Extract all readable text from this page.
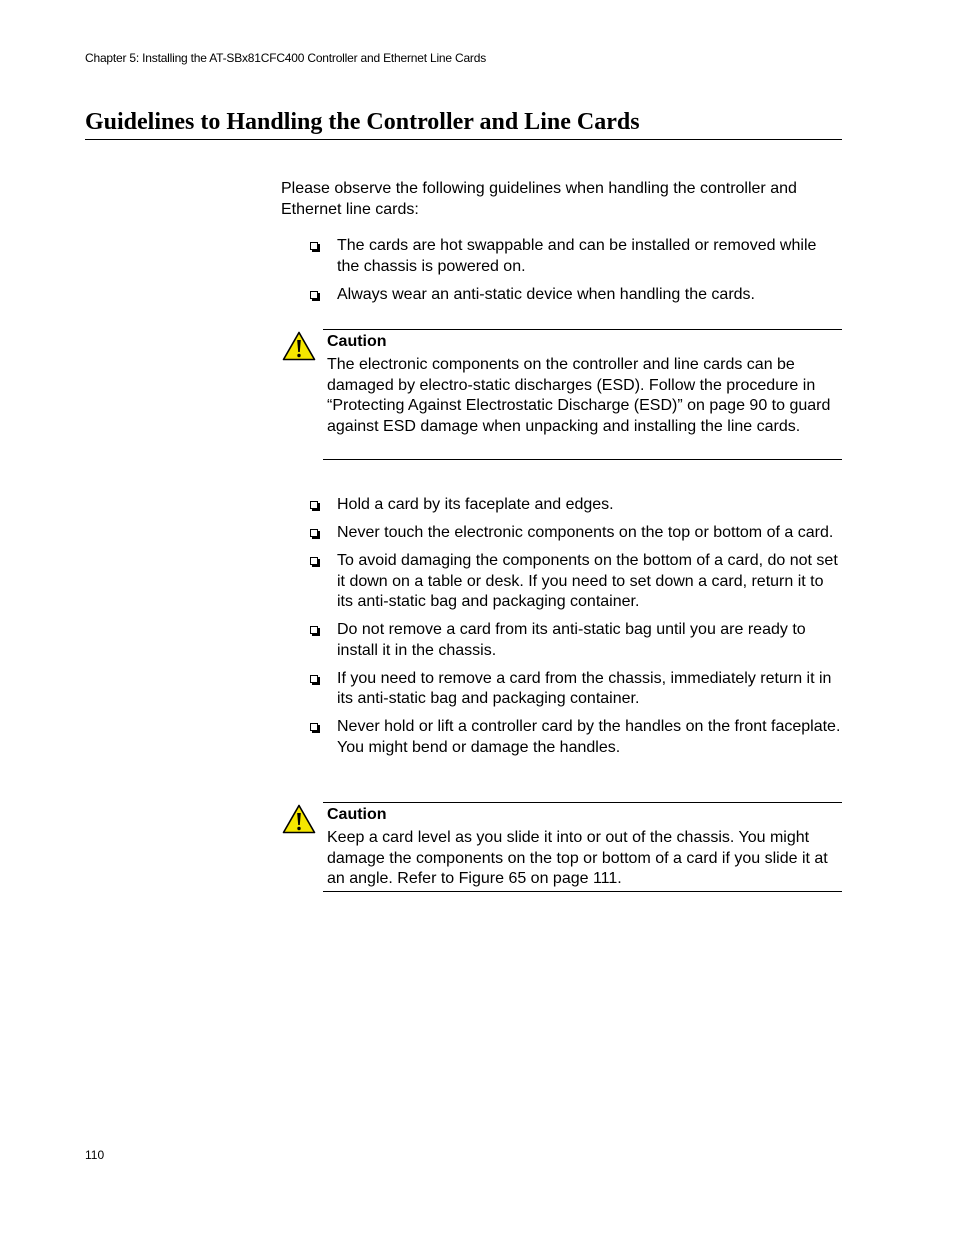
Chapter 5: Installing the AT-SBx81CFC400 Controller and Ethernet Line Cards
Guidelines to Handling the Controller and Line Cards
Please observe the following guidelines when handling the controller and Ethernet line cards:
The cards are hot swappable and can be installed or removed while the chassis is powered on.
Always wear an anti-static device when handling the cards.
Caution
The electronic components on the controller and line cards can be damaged by electro-static discharges (ESD). Follow the procedure in “Protecting Against Electrostatic Discharge (ESD)” on page 90 to guard against ESD damage when unpacking and installing the line cards.
Hold a card by its faceplate and edges.
Never touch the electronic components on the top or bottom of a card.
To avoid damaging the components on the bottom of a card, do not set it down on a table or desk. If you need to set down a card, return it to its anti-static bag and packaging container.
Do not remove a card from its anti-static bag until you are ready to install it in the chassis.
If you need to remove a card from the chassis, immediately return it in its anti-static bag and packaging container.
Never hold or lift a controller card by the handles on the front faceplate. You might bend or damage the handles.
Caution
Keep a card level as you slide it into or out of the chassis. You might damage the components on the top or bottom of a card if you slide it at an angle. Refer to Figure 65 on page 111.
110
